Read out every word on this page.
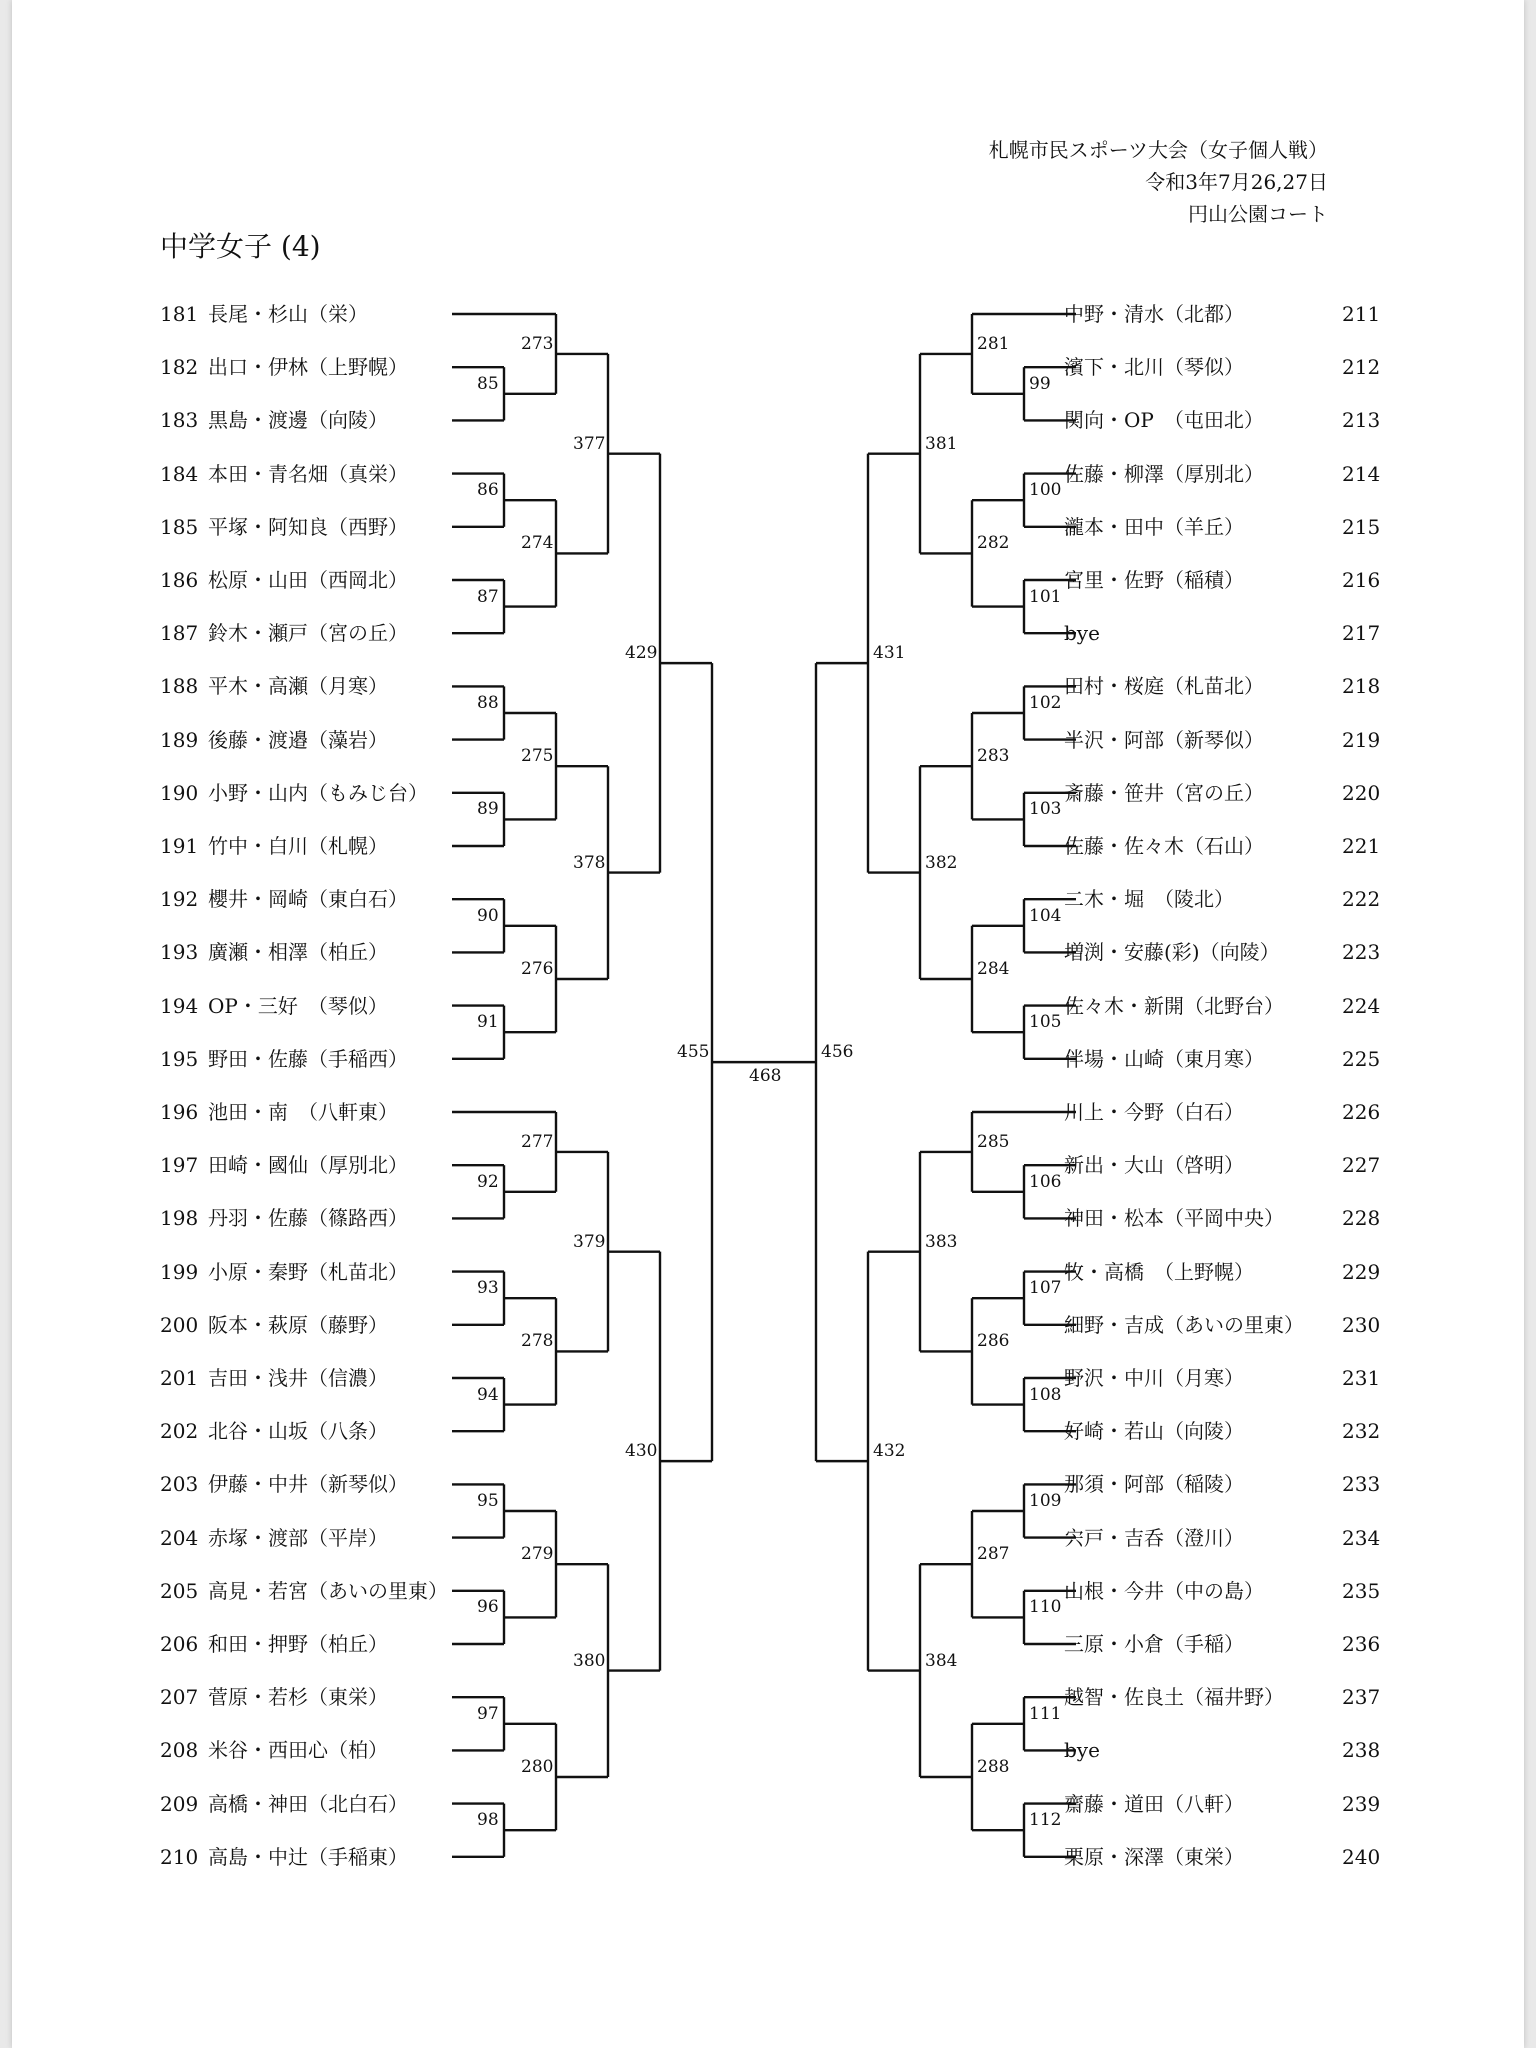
札幌市民スポーツ大会（女子個人戦）
令和3年7月26,27日
円山公園コート
中学女子 (4)
181 長尾・杉山（栄）
182 出口・伊林（上野幌）
183 黒島・渡邊（向陵）
184 本田・青名畑（真栄）
185 平塚・阿知良（西野）
186 松原・山田（西岡北）
187 鈴木・瀬戸（宮の丘）
188 平木・高瀬（月寒）
189 後藤・渡邉（藻岩）
190 小野・山内（もみじ台）
191 竹中・白川（札幌）
192 櫻井・岡崎（東白石）
193 廣瀬・相澤（柏丘）
194 OP・三好　（琴似）
195 野田・佐藤（手稲西）
196 池田・南　（八軒東）
197 田崎・國仙（厚別北）
198 丹羽・佐藤（篠路西）
199 小原・秦野（札苗北）
200 阪本・萩原（藤野）
201 吉田・浅井（信濃）
202 北谷・山坂（八条）
203 伊藤・中井（新琴似）
204 赤塚・渡部（平岸）
205 高見・若宮（あいの里東）
206 和田・押野（柏丘）
207 菅原・若杉（東栄）
208 米谷・西田心（柏）
209 高橋・神田（北白石）
210 高島・中辻（手稲東）
中野・清水（北都）	211
濱下・北川（琴似）	212
関向・OP　（屯田北）	213
佐藤・柳澤（厚別北）	214
瀧本・田中（羊丘）	215
宮里・佐野（稲積）	216
bye	217
田村・桜庭（札苗北）	218
半沢・阿部（新琴似）	219
斎藤・笹井（宮の丘）	220
佐藤・佐々木（石山）	221
二木・堀　（陵北）	222
増渕・安藤(彩)（向陵）	223
佐々木・新開（北野台）	224
伴場・山崎（東月寒）	225
川上・今野（白石）	226
新出・大山（啓明）	227
神田・松本（平岡中央）	228
牧・高橋　（上野幌）	229
細野・吉成（あいの里東） 230
野沢・中川（月寒）	231
好崎・若山（向陵）	232
那須・阿部（稲陵）	233
宍戸・吉呑（澄川）	234
山根・今井（中の島）	235
三原・小倉（手稲）	236
越智・佐良土（福井野）	237
bye	238
齋藤・道田（八軒）	239
栗原・深澤（東栄）	240
85
273
86
87
274
88
89
275
90
91
276
377
378
429
92
277
93
94
278
95
96
279
97
98
280
379
380
430
455
99
281
100
101
282
102
103
283
104
105
284
381
382
431
106
285
107
108
286
109
110
287
111
112
288
383
384
432
456
468
